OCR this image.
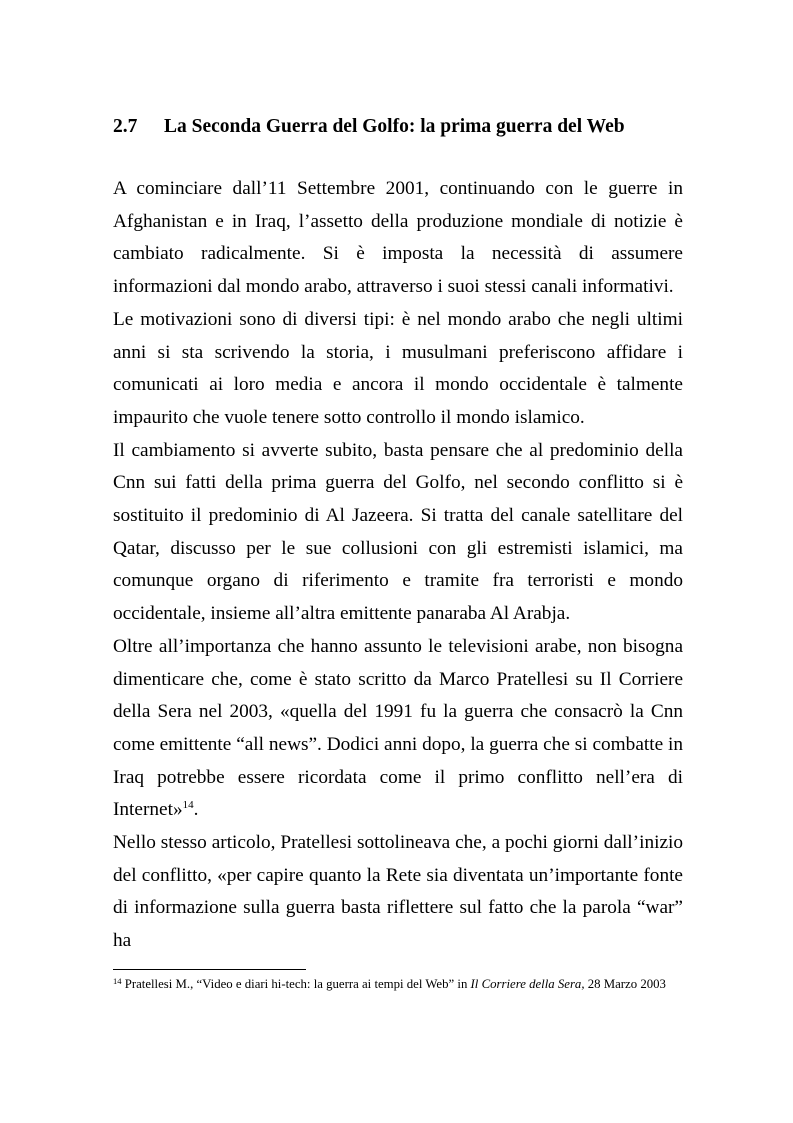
2.7 La Seconda Guerra del Golfo: la prima guerra del Web

A cominciare dall’11 Settembre 2001, continuando con le guerre in Afghanistan e in Iraq, l’assetto della produzione mondiale di notizie è cambiato radicalmente. Si è imposta la necessità di assumere informazioni dal mondo arabo, attraverso i suoi stessi canali informativi.

Le motivazioni sono di diversi tipi: è nel mondo arabo che negli ultimi anni si sta scrivendo la storia, i musulmani preferiscono affidare i comunicati ai loro media e ancora il mondo occidentale è talmente impaurito che vuole tenere sotto controllo il mondo islamico.

Il cambiamento si avverte subito, basta pensare che al predominio della Cnn sui fatti della prima guerra del Golfo, nel secondo conflitto si è sostituito il predominio di Al Jazeera. Si tratta del canale satellitare del Qatar, discusso per le sue collusioni con gli estremisti islamici, ma comunque organo di riferimento e tramite fra terroristi e mondo occidentale, insieme all’altra emittente panaraba Al Arabja.

Oltre all’importanza che hanno assunto le televisioni arabe, non bisogna dimenticare che, come è stato scritto da Marco Pratellesi su Il Corriere della Sera nel 2003, «quella del 1991 fu la guerra che consacrò la Cnn come emittente “all news”. Dodici anni dopo, la guerra che si combatte in Iraq potrebbe essere ricordata come il primo conflitto nell’era di Internet»$^{14}$.

Nello stesso articolo, Pratellesi sottolineava che, a pochi giorni dall’inizio del conflitto, «per capire quanto la Rete sia diventata un’importante fonte di informazione sulla guerra basta riflettere sul fatto che la parola “war” ha

$^{14}$ Pratellesi M., “Video e diari hi-tech: la guerra ai tempi del Web” in Il Corriere della Sera, 28 Marzo 2003
